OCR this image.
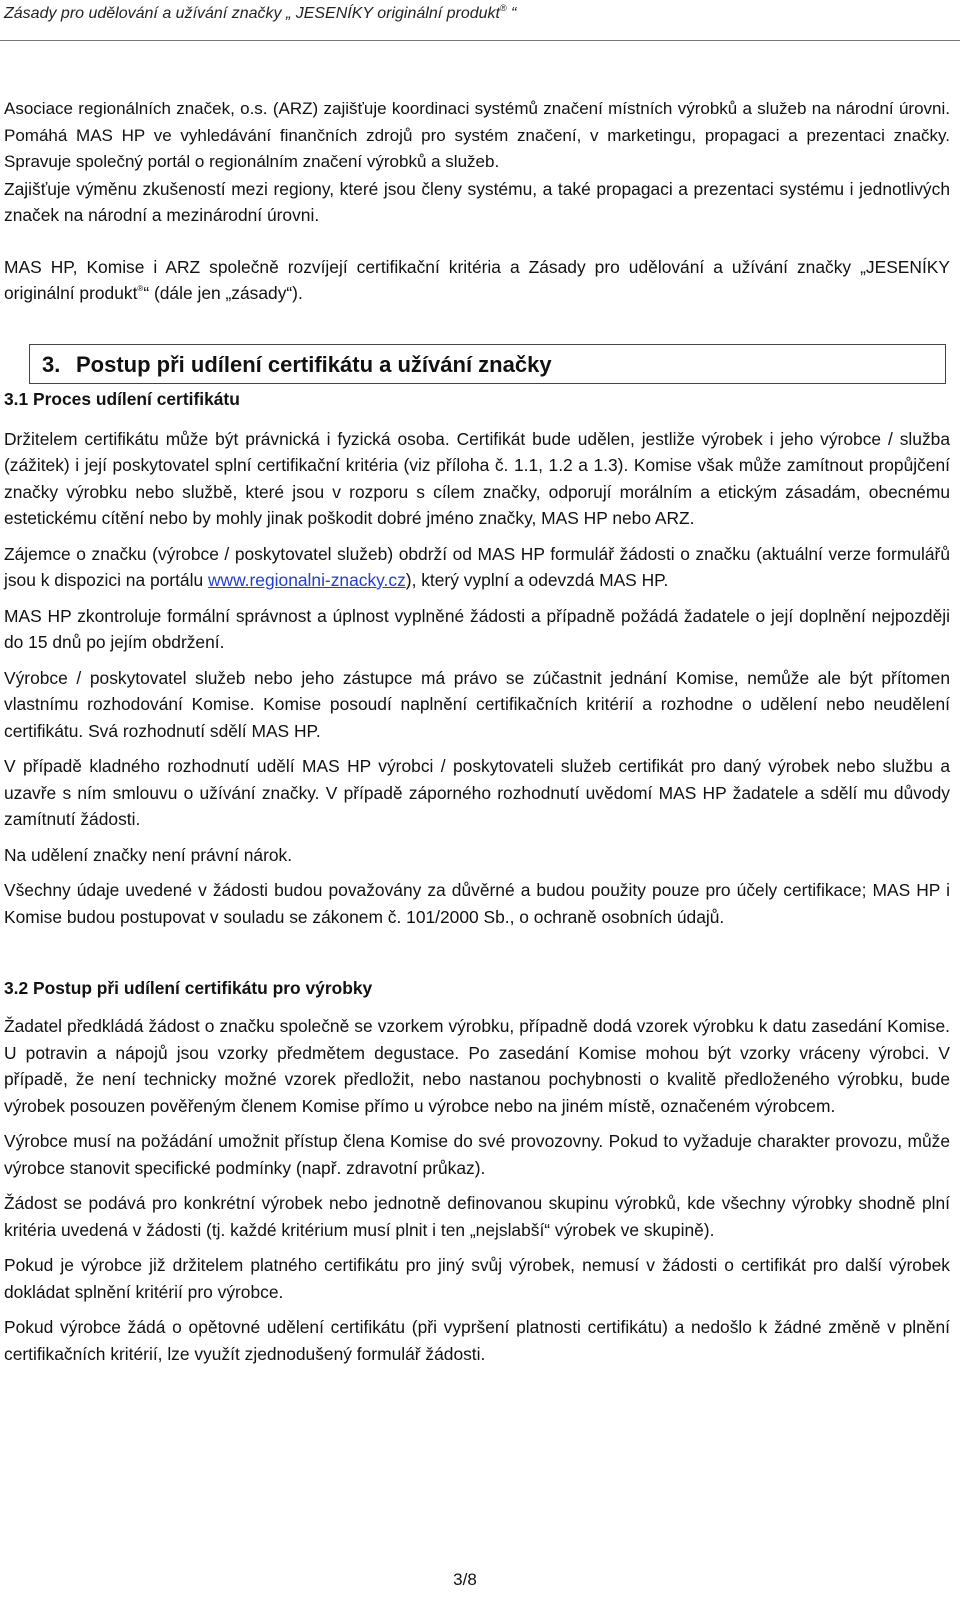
Zásady pro udělování a užívání značky „ JESENÍKY originální produkt® “

Asociace regionálních značek, o.s. (ARZ) zajišťuje koordinaci systémů značení místních výrobků a služeb na národní úrovni. Pomáhá MAS HP ve vyhledávání finančních zdrojů pro systém značení, v marketingu, propagaci a prezentaci značky. Spravuje společný portál o regionálním značení výrobků a služeb.

Zajišťuje výměnu zkušeností mezi regiony, které jsou členy systému, a také propagaci a prezentaci systému i jednotlivých značek na národní a mezinárodní úrovni.

MAS HP, Komise i ARZ společně rozvíjejí certifikační kritéria a Zásady pro udělování a užívání značky „JESENÍKY originální produkt®“ (dále jen „zásady“).

3. Postup při udílení certifikátu a užívání značky
3.1 Proces udílení certifikátu

Držitelem certifikátu může být právnická i fyzická osoba. Certifikát bude udělen, jestliže výrobek i jeho výrobce / služba (zážitek) i její poskytovatel splní certifikační kritéria (viz příloha č. 1.1, 1.2 a 1.3). Komise však může zamítnout propůjčení značky výrobku nebo službě, které jsou v rozporu s cílem značky, odporují morálním a etickým zásadám, obecnému estetickému cítění nebo by mohly jinak poškodit dobré jméno značky, MAS HP nebo ARZ.

Zájemce o značku (výrobce / poskytovatel služeb) obdrží od MAS HP formulář žádosti o značku (aktuální verze formulářů jsou k dispozici na portálu www.regionalni-znacky.cz), který vyplní a odevzdá MAS HP.

MAS HP zkontroluje formální správnost a úplnost vyplněné žádosti a případně požádá žadatele o její doplnění nejpozději do 15 dnů po jejím obdržení.

Výrobce / poskytovatel služeb nebo jeho zástupce má právo se zúčastnit jednání Komise, nemůže ale být přítomen vlastnímu rozhodování Komise. Komise posoudí naplnění certifikačních kritérií a rozhodne o udělení nebo neudělení certifikátu. Svá rozhodnutí sdělí MAS HP.

V případě kladného rozhodnutí udělí MAS HP výrobci / poskytovateli služeb certifikát pro daný výrobek nebo službu a uzavře s ním smlouvu o užívání značky. V případě záporného rozhodnutí uvědomí MAS HP žadatele a sdělí mu důvody zamítnutí žádosti.

Na udělení značky není právní nárok.

Všechny údaje uvedené v žádosti budou považovány za důvěrné a budou použity pouze pro účely certifikace; MAS HP i Komise budou postupovat v souladu se zákonem č. 101/2000 Sb., o ochraně osobních údajů.

3.2 Postup při udílení certifikátu pro výrobky

Žadatel předkládá žádost o značku společně se vzorkem výrobku, případně dodá vzorek výrobku k datu zasedání Komise. U potravin a nápojů jsou vzorky předmětem degustace. Po zasedání Komise mohou být vzorky vráceny výrobci. V případě, že není technicky možné vzorek předložit, nebo nastanou pochybnosti o kvalitě předloženého výrobku, bude výrobek posouzen pověřeným členem Komise přímo u výrobce nebo na jiném místě, označeném výrobcem.

Výrobce musí na požádání umožnit přístup člena Komise do své provozovny. Pokud to vyžaduje charakter provozu, může výrobce stanovit specifické podmínky (např. zdravotní průkaz).

Žádost se podává pro konkrétní výrobek nebo jednotně definovanou skupinu výrobků, kde všechny výrobky shodně plní kritéria uvedená v žádosti (tj. každé kritérium musí plnit i ten „nejslabší“ výrobek ve skupině).

Pokud je výrobce již držitelem platného certifikátu pro jiný svůj výrobek, nemusí v žádosti o certifikát pro další výrobek dokládat splnění kritérií pro výrobce.

Pokud výrobce žádá o opětovné udělení certifikátu (při vypršení platnosti certifikátu) a nedošlo k žádné změně v plnění certifikačních kritérií, lze využít zjednodušený formulář žádosti.

3/8
